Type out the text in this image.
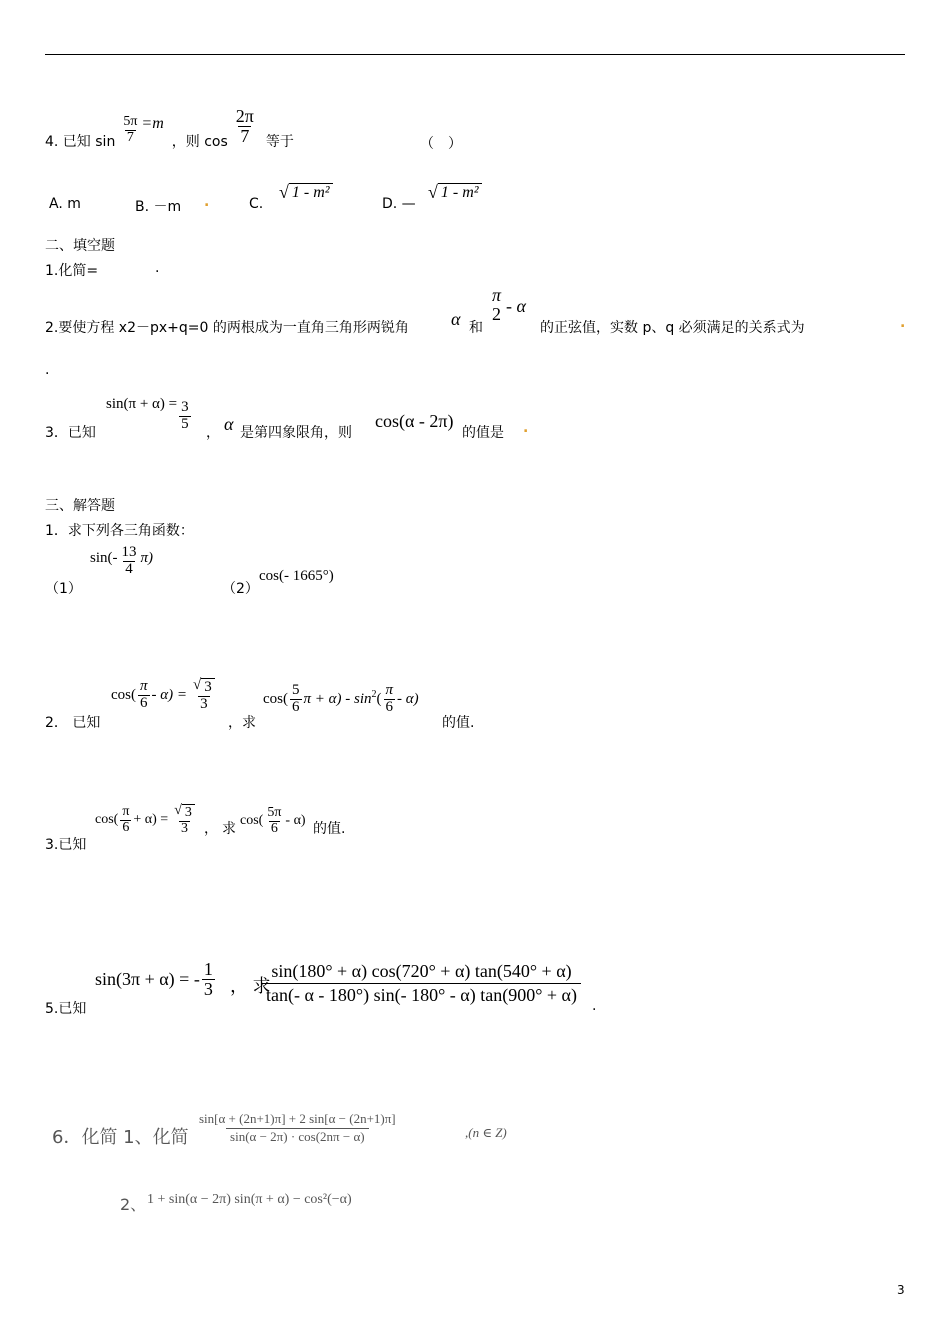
4. 已知 $\sin \frac{5\pi}{7} =m$
，则 $\cos \frac{2\pi}{7}$ 等于	（　）
A. m	B. －m .	C.
√ 1 - m²
D. —
√ 1 - m²
二、填空题
1.化简=	.
2.要使方程 x2－px+q=0 的两根成为一直角三角形两锐角 α 和
π
2 - α
的正弦值，实数 p、q 必须满足的关系式为	.
.
3．已知
$\sin(\pi + \alpha) = \frac{3}{5}$
， α 是第四象限角，则
cos(α - 2π)
的值是 .
三、解答题
1．求下列各三角函数：
（1）
$\sin(- \frac{13}{4} \pi)$
（2）
cos(- 1665°)
2． 已知
$\cos( \frac{\pi}{6} - \alpha) = \frac{√ 3}{3}$
，求
$\cos( \frac{5}{6}$ $\pi + \alpha) - \sin^2$ ( $\frac{\pi}{6} - \alpha$)
的值.
3.已知
$\cos( \frac{\pi}{6} + \alpha) = \frac{√ 3}{3}$ ， 求
$\cos( \frac{5\pi}{6} - \alpha)$
的值.
5.已知
sin(3π + α) = - $\frac{1}{3}$ ， 求
$\frac{\sin(180^\circ + \alpha) \cos(720^\circ + \alpha) \tan(540^\circ + \alpha)}{\tan(- \alpha - 180^\circ) \sin(- 180^\circ - \alpha) \tan(900^\circ + \alpha)}$ .
6．化简 1、化简 $\frac{\sin[\alpha + (2n+1)\pi] + 2 \sin[\alpha - (2n+1)\pi]}{\sin(\alpha - 2\pi) \cdot \cos(2n\pi - \alpha)}$	,(n ∈ Z)
2、 1 + sin(α − 2π) sin(π + α) − cos²(−α)
3
